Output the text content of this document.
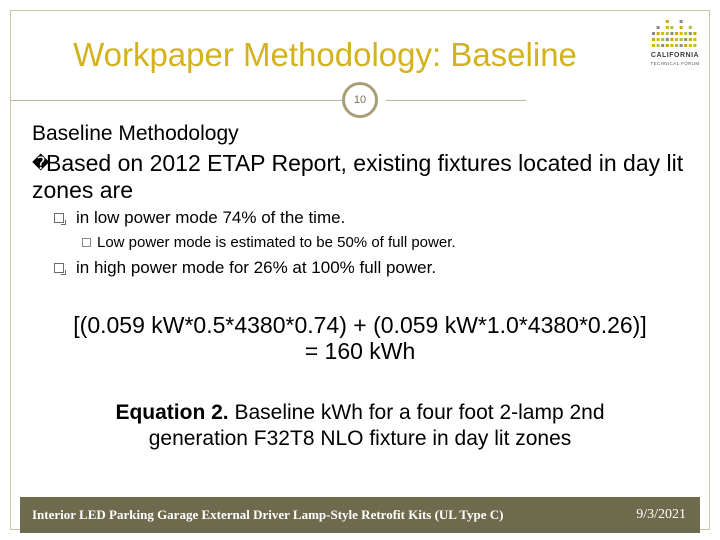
Workpaper Methodology: Baseline	CALIFORNIA
TECHNICAL FORUM
10
Baseline Methodology
�Based on 2012 ETAP Report, existing fixtures located in day lit zones are
in low power mode 74% of the time.
Low power mode is estimated to be 50% of full power.
in high power mode for 26% at 100% full power.
[(0.059 kW*0.5*4380*0.74) + (0.059 kW*1.0*4380*0.26)]
= 160 kWh
Equation 2. Baseline kWh for a four foot 2-lamp 2nd
generation F32T8 NLO fixture in day lit zones
Interior LED Parking Garage External Driver Lamp-Style Retrofit Kits (UL Type C)	9/3/2021
